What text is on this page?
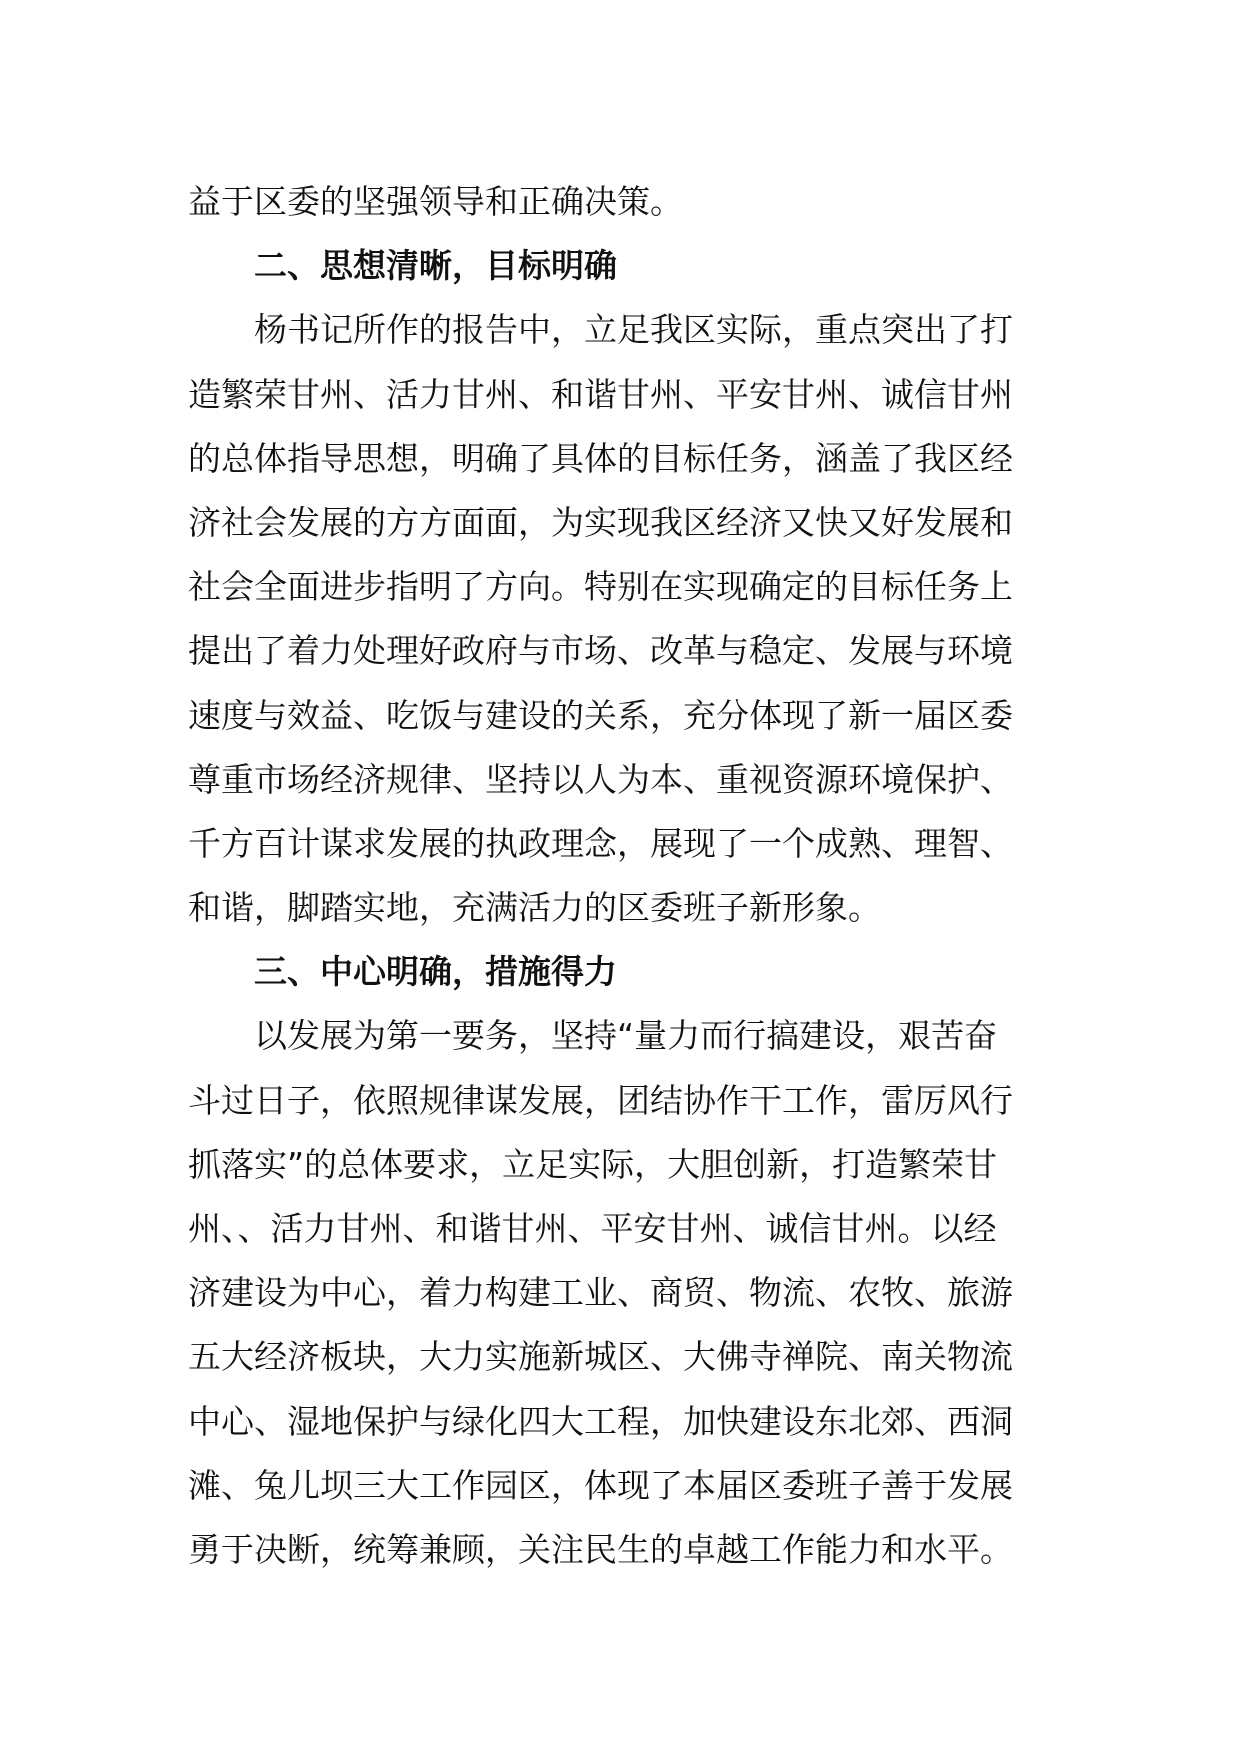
益于区委的坚强领导和正确决策。
二、思想清晰，目标明确
杨书记所作的报告中，立足我区实际，重点突出了打
造繁荣甘州、活力甘州、和谐甘州、平安甘州、诚信甘州
的总体指导思想，明确了具体的目标任务，涵盖了我区经
济社会发展的方方面面，为实现我区经济又快又好发展和
社会全面进步指明了方向。特别在实现确定的目标任务上
提出了着力处理好政府与市场、改革与稳定、发展与环境
速度与效益、吃饭与建设的关系，充分体现了新一届区委
尊重市场经济规律、坚持以人为本、重视资源环境保护、
千方百计谋求发展的执政理念，展现了一个成熟、理智、
和谐，脚踏实地，充满活力的区委班子新形象。
三、中心明确，措施得力
以发展为第一要务，坚持“量力而行搞建设，艰苦奋
斗过日子，依照规律谋发展，团结协作干工作，雷厉风行
抓落实”的总体要求，立足实际，大胆创新，打造繁荣甘
州、、活力甘州、和谐甘州、平安甘州、诚信甘州。以经
济建设为中心，着力构建工业、商贸、物流、农牧、旅游
五大经济板块，大力实施新城区、大佛寺禅院、南关物流
中心、湿地保护与绿化四大工程，加快建设东北郊、西洞
滩、兔儿坝三大工作园区，体现了本届区委班子善于发展
勇于决断，统筹兼顾，关注民生的卓越工作能力和水平。
